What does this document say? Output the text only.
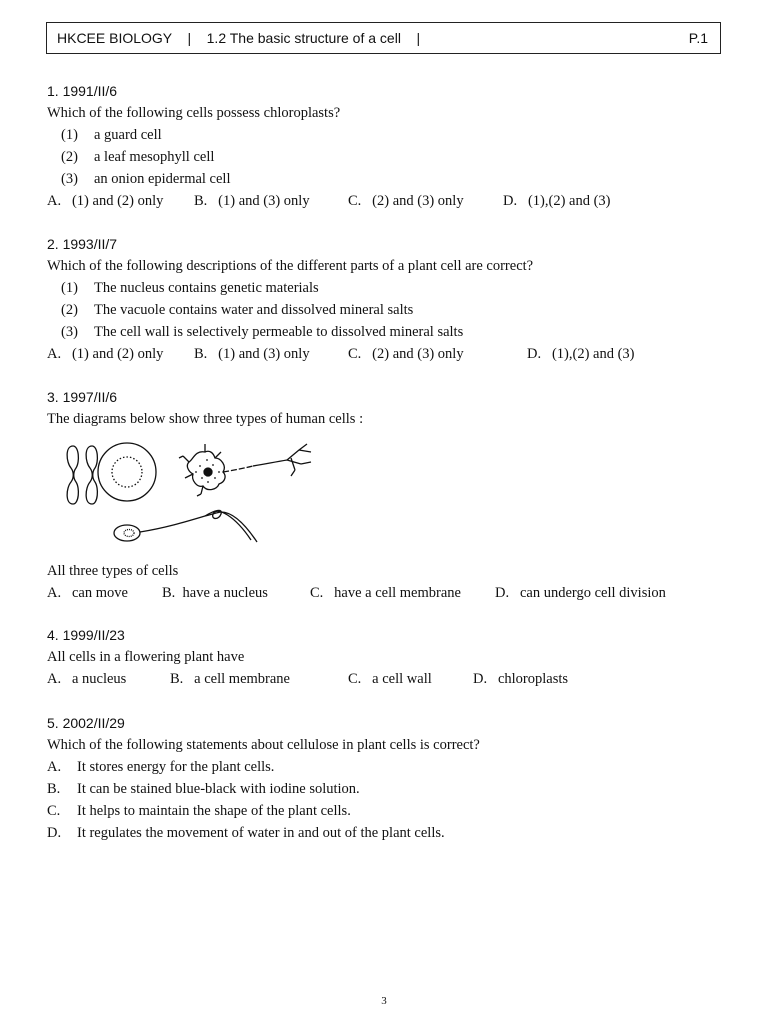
HKCEE BIOLOGY    |    1.2 The basic structure of a cell    |	P.1
1. 1991/II/6
Which of the following cells possess chloroplasts?
(1) a guard cell
(2) a leaf mesophyll cell
(3) an onion epidermal cell
A.  (1) and (2) only B.  (1) and (3) only	C.  (2) and (3) only	D.  (1),(2) and (3)
2. 1993/II/7
Which of the following descriptions of the different parts of a plant cell are correct?
(1) The nucleus contains genetic materials
(2) The vacuole contains water and dissolved mineral salts
(3) The cell wall is selectively permeable to dissolved mineral salts
A.  (1) and (2) only B.  (1) and (3) only	C.  (2) and (3) only	D.  (1),(2) and (3)
3. 1997/II/6
The diagrams below show three types of human cells :
All three types of cells
A.  can move B. have a nucleus	C.  have a cell membrane D.  can undergo cell division
4. 1999/II/23
All cells in a flowering plant have
A.  a nucleus	B.  a cell membrane	C.  a cell wall	D.  chloroplasts
5. 2002/II/29
Which of the following statements about cellulose in plant cells is correct?
A. It stores energy for the plant cells.
B. It can be stained blue-black with iodine solution.
C. It helps to maintain the shape of the plant cells.
D. It regulates the movement of water in and out of the plant cells.
3
